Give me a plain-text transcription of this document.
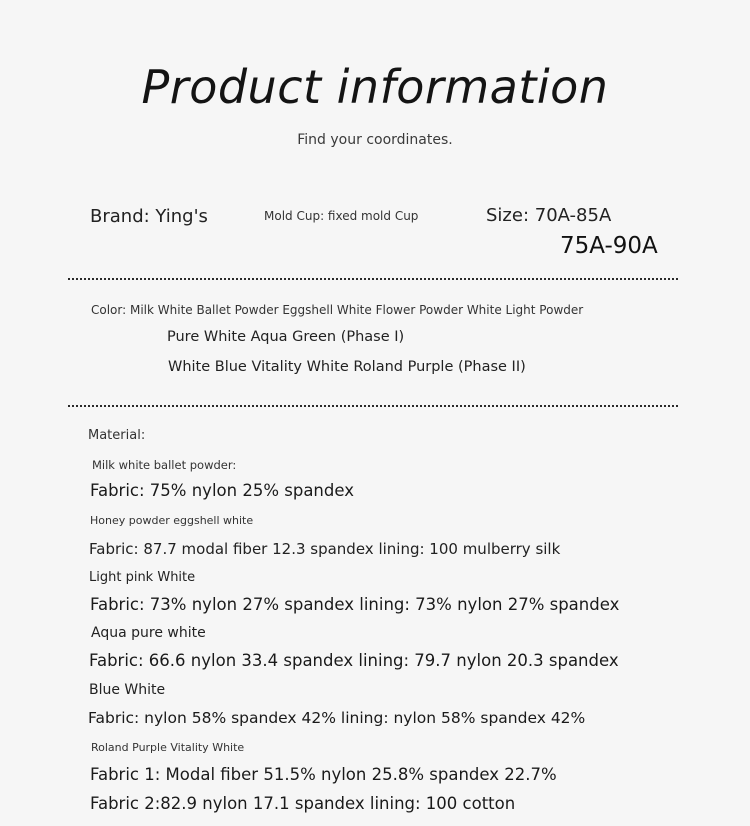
Product information
Find your coordinates.
Brand: Ying's	Mold Cup: fixed mold Cup	Size: 70A-85A
75A-90A
Color: Milk White Ballet Powder Eggshell White Flower Powder White Light Powder
Pure White Aqua Green (Phase I)
White Blue Vitality White Roland Purple (Phase II)
Material:
Milk white ballet powder:
Fabric: 75% nylon 25% spandex
Honey powder eggshell white
Fabric: 87.7 modal fiber 12.3 spandex lining: 100 mulberry silk
Light pink White
Fabric: 73% nylon 27% spandex lining: 73% nylon 27% spandex
Aqua pure white
Fabric: 66.6 nylon 33.4 spandex lining: 79.7 nylon 20.3 spandex
Blue White
Fabric: nylon 58% spandex 42% lining: nylon 58% spandex 42%
Roland Purple Vitality White
Fabric 1: Modal fiber 51.5% nylon 25.8% spandex 22.7%
Fabric 2:82.9 nylon 17.1 spandex lining: 100 cotton
